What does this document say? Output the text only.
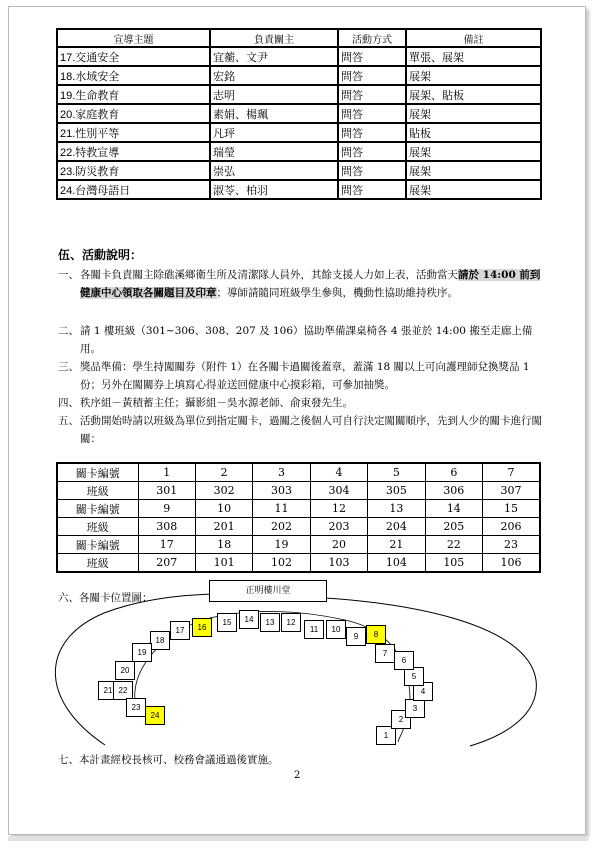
宣導主題	負責關主	活動方式	備註
17.交通安全	宜蘅、文尹	問答	單張、展架
18.水域安全	宏銘	問答	展架
19.生命教育	志明	問答	展架、貼板
20.家庭教育	素娟、楊珮	問答	展架
21.性別平等	凡玶	問答	貼板
22.特教宣導	瑞瑩	問答	展架
23.防災教育	崇弘	問答	展架
24.台灣母語日	淑苓、柏羽	問答	展架
伍、活動說明：
一、 各關卡負責關主除礁溪鄉衛生所及清潔隊人員外，其餘支援人力如上表，活動當天請於 14:00 前到健康中心領取各關題目及印章；導師請隨同班級學生參與，機動性協助維持秩序。
二、 請 1 樓班級（301~306、308、207 及 106）協助準備課桌椅各 4 張並於 14:00 搬至走廊上備用。
三、 獎品準備：學生持闖關券（附件 1）在各關卡過關後蓋章，蓋滿 18 關以上可向護理師兌換獎品 1 份；另外在闖關券上填寫心得並送回健康中心摸彩箱，可參加抽獎。
四、 秩序組－黃積蓄主任；攝影組－吳水源老師、俞東發先生。
五、 活動開始時請以班級為單位到指定關卡，過關之後個人可自行決定闖關順序，先到人少的關卡進行闖關：
關卡編號	1	2	3	4	5	6	7
班級	301	302	303	304	305	306	307
關卡編號	9	10	11	12	13	14	15
班級	308	201	202	203	204	205	206
關卡編號	17	18	19	20	21	22	23
班級	207	101	102	103	104	105	106
六、各關卡位置圖：
正明樓川堂
1
2
3
4
5
6
7
8
9
10
11
12
13
14
15
16
17
18
19
20
21 22
23
24
七、本計畫經校長核可、校務會議通過後實施。
2
